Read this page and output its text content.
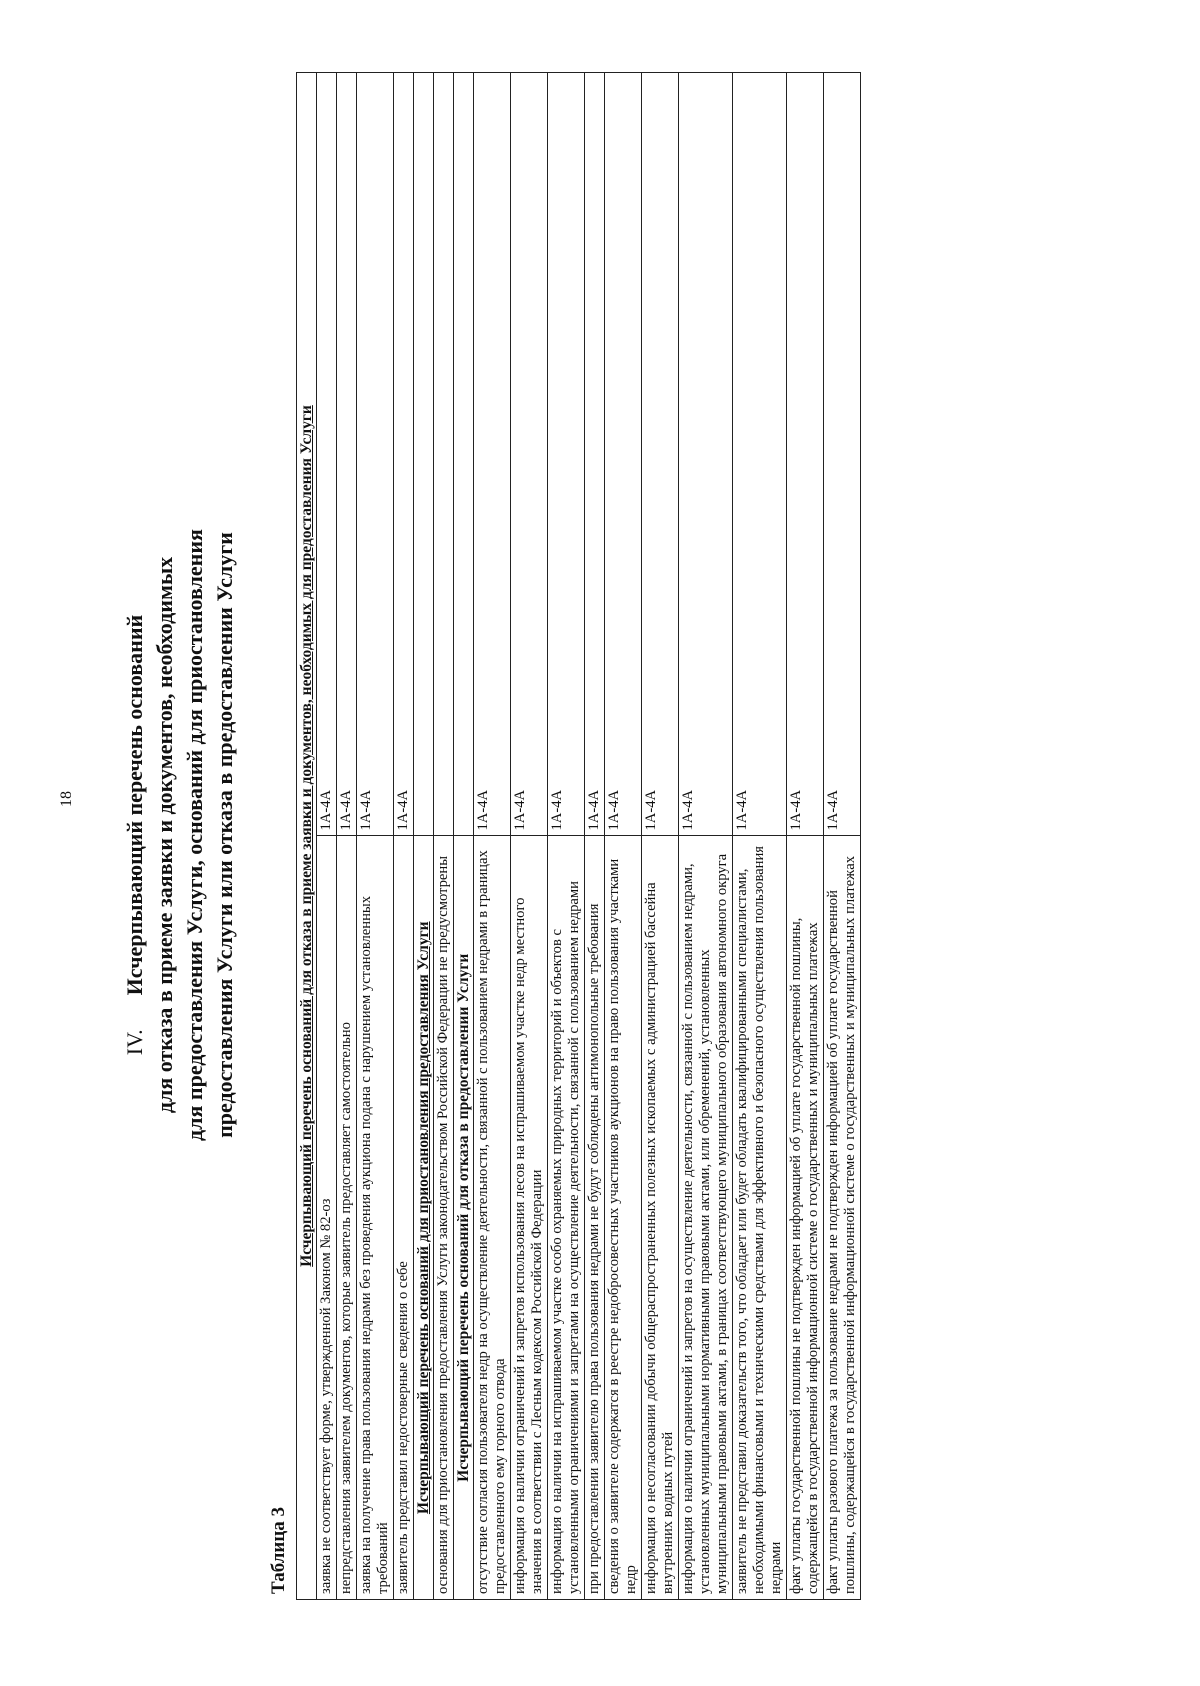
18

IV.Исчерпывающий перечень оснований для отказа в приеме заявки и документов, необходимых для предоставления Услуги, оснований для приостановления предоставления Услуги или отказа в предоставлении Услуги

Таблица 3
Исчерпывающий перечень оснований для отказа в приеме заявки и документов, необходимых для предоставления Услуги	
заявка не соответствует форме, утвержденной Законом № 82-оз	1А-4А
непредставления заявителем документов, которые заявитель предоставляет самостоятельно	1А-4А
заявка на получение права пользования недрами без проведения аукциона подана с нарушением установленных требований	1А-4А
заявитель представил недостоверные сведения о себе	1А-4А
Исчерпывающий перечень оснований для приостановления предоставления Услуги	
основания для приостановления предоставления Услуги законодательством Российской Федерации не предусмотрены	
Исчерпывающий перечень оснований для отказа в предоставлении Услуги	
отсутствие согласия пользователя недр на осуществление деятельности, связанной с пользованием недрами в границах предоставленного ему горного отвода	1А-4А
информация о наличии ограничений и запретов использования лесов на испрашиваемом участке недр местного значения в соответствии с Лесным кодексом Российской Федерации	1А-4А
информация о наличии на испрашиваемом участке особо охраняемых природных территорий и объектов с установленными ограничениями и запретами на осуществление деятельности, связанной с пользованием недрами	1А-4А
при предоставлении заявителю права пользования недрами не будут соблюдены антимонопольные требования	1А-4А
сведения о заявителе содержатся в реестре недобросовестных участников аукционов на право пользования участками недр	1А-4А
информация о несогласовании добычи общераспространенных полезных ископаемых с администрацией бассейна внутренних водных путей	1А-4А
информация о наличии ограничений и запретов на осуществление деятельности, связанной с пользованием недрами, установленных муниципальными нормативными правовыми актами, или обременений, установленных муниципальными правовыми актами, в границах соответствующего муниципального образования автономного округа	1А-4А
заявитель не представил доказательств того, что обладает или будет обладать квалифицированными специалистами, необходимыми финансовыми и техническими средствами для эффективного и безопасного осуществления пользования недрами	1А-4А
факт уплаты государственной пошлины не подтвержден информацией об уплате государственной пошлины, содержащейся в государственной информационной системе о государственных и муниципальных платежах	1А-4А
факт уплаты разового платежа за пользование недрами не подтвержден информацией об уплате государственной пошлины, содержащейся в государственной информационной системе о государственных и муниципальных платежах	1А-4А
